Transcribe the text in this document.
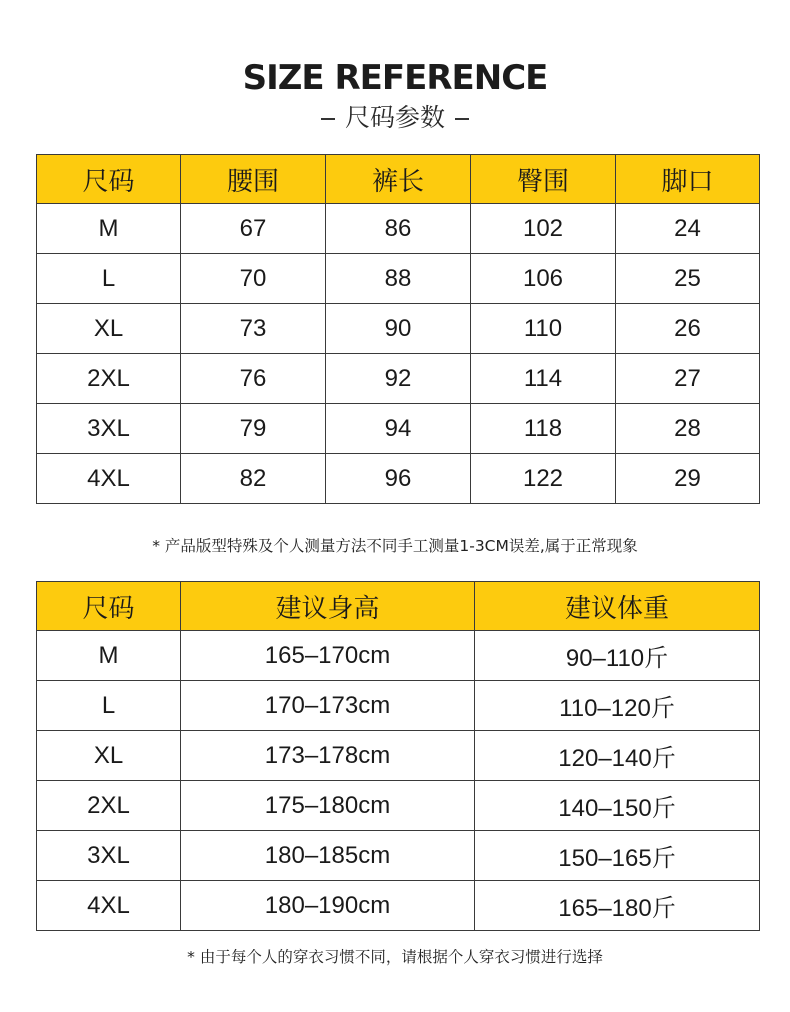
SIZE REFERENCE
尺码参数
尺码	腰围	裤长	臀围	脚口
M	67	86	102	24
L	70	88	106	25
XL	73	90	110	26
2XL	76	92	114	27
3XL	79	94	118	28
4XL	82	96	122	29
* 产品版型特殊及个人测量方法不同手工测量1-3CM误差,属于正常现象
尺码	建议身高	建议体重
M	165–170cm	90–110斤
L	170–173cm	110–120斤
XL	173–178cm	120–140斤
2XL	175–180cm	140–150斤
3XL	180–185cm	150–165斤
4XL	180–190cm	165–180斤
* 由于每个人的穿衣习惯不同，请根据个人穿衣习惯进行选择
